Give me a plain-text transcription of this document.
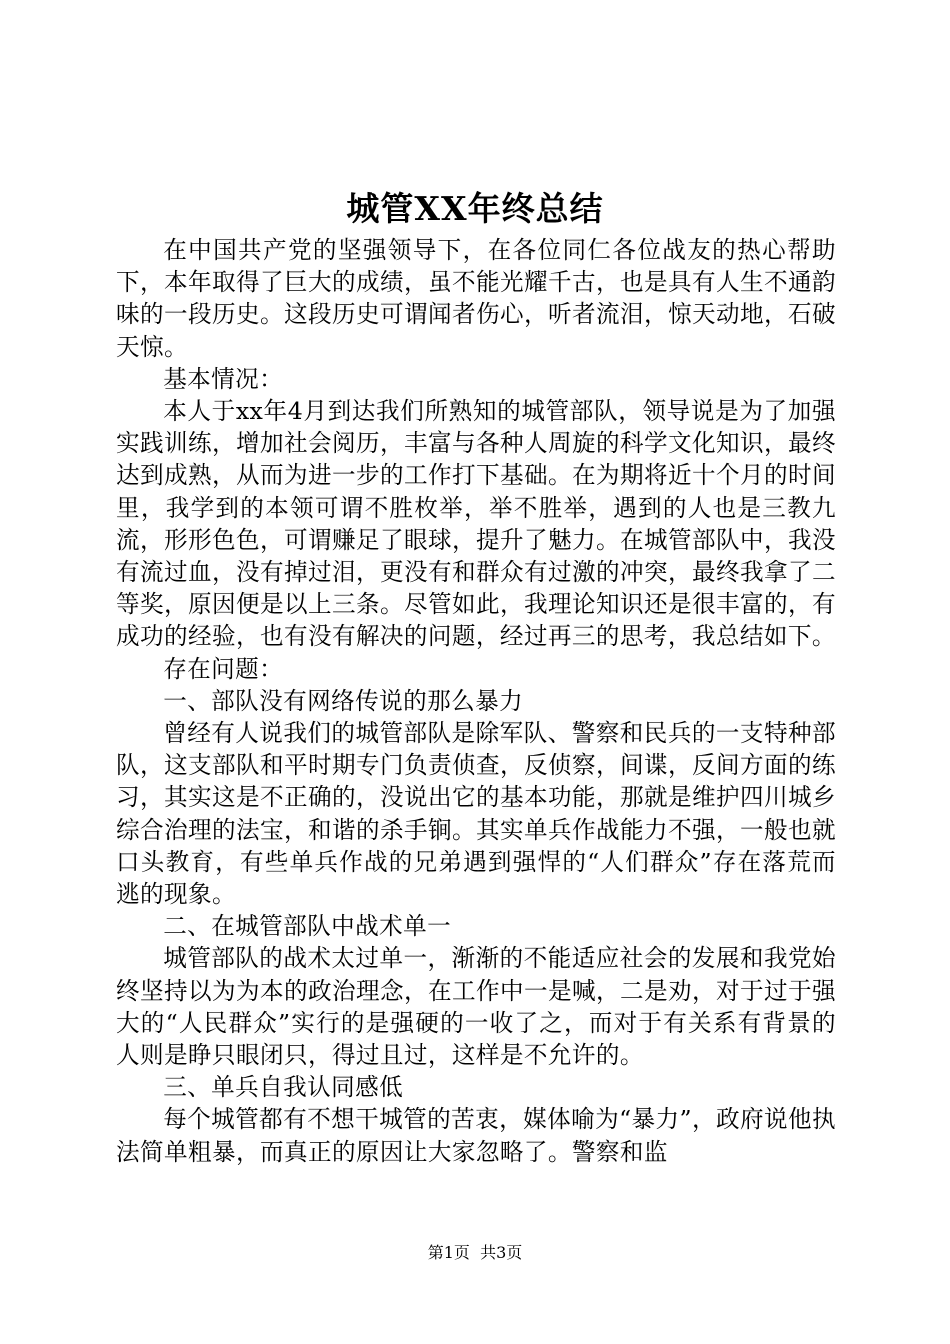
城管XX年终总结

在中国共产党的坚强领导下，在各位同仁各位战友的热心帮助下，本年取得了巨大的成绩，虽不能光耀千古，也是具有人生不通韵味的一段历史。这段历史可谓闻者伤心，听者流泪，惊天动地，石破天惊。

基本情况：

本人于xx年4月到达我们所熟知的城管部队，领导说是为了加强实践训练，增加社会阅历，丰富与各种人周旋的科学文化知识，最终达到成熟，从而为进一步的工作打下基础。在为期将近十个月的时间里，我学到的本领可谓不胜枚举，举不胜举，遇到的人也是三教九流，形形色色，可谓赚足了眼球，提升了魅力。在城管部队中，我没有流过血，没有掉过泪，更没有和群众有过激的冲突，最终我拿了二等奖，原因便是以上三条。尽管如此，我理论知识还是很丰富的，有成功的经验，也有没有解决的问题，经过再三的思考，我总结如下。

存在问题：

一、部队没有网络传说的那么暴力

曾经有人说我们的城管部队是除军队、警察和民兵的一支特种部队，这支部队和平时期专门负责侦查，反侦察，间谍，反间方面的练习，其实这是不正确的，没说出它的基本功能，那就是维护四川城乡综合治理的法宝，和谐的杀手锏。其实单兵作战能力不强，一般也就口头教育，有些单兵作战的兄弟遇到强悍的“人们群众”存在落荒而逃的现象。

二、在城管部队中战术单一

城管部队的战术太过单一，渐渐的不能适应社会的发展和我党始终坚持以为为本的政治理念，在工作中一是喊，二是劝，对于过于强大的“人民群众”实行的是强硬的一收了之，而对于有关系有背景的人则是睁只眼闭只，得过且过，这样是不允许的。

三、单兵自我认同感低

每个城管都有不想干城管的苦衷，媒体喻为“暴力”，政府说他执法简单粗暴，而真正的原因让大家忽略了。警察和监

第1页 共3页
